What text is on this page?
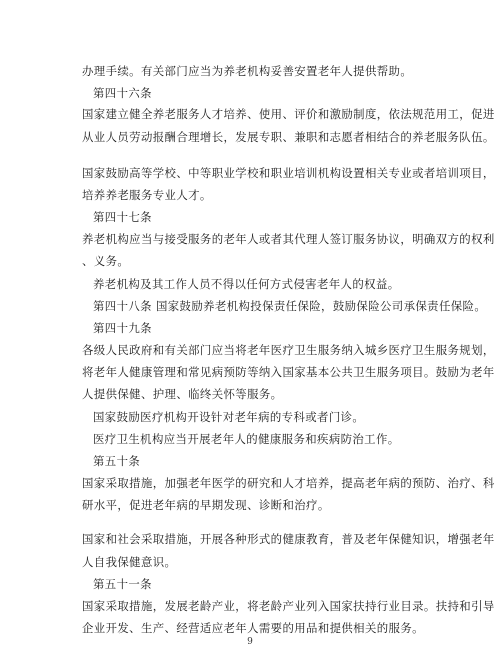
办理手续。有关部门应当为养老机构妥善安置老年人提供帮助。
第四十六条
国家建立健全养老服务人才培养、使用、评价和激励制度，依法规范用工，促进
从业人员劳动报酬合理增长，发展专职、兼职和志愿者相结合的养老服务队伍。
国家鼓励高等学校、中等职业学校和职业培训机构设置相关专业或者培训项目，
培养养老服务专业人才。
第四十七条
养老机构应当与接受服务的老年人或者其代理人签订服务协议，明确双方的权利
、义务。
养老机构及其工作人员不得以任何方式侵害老年人的权益。
第四十八条 国家鼓励养老机构投保责任保险，鼓励保险公司承保责任保险。
第四十九条
各级人民政府和有关部门应当将老年医疗卫生服务纳入城乡医疗卫生服务规划，
将老年人健康管理和常见病预防等纳入国家基本公共卫生服务项目。鼓励为老年
人提供保健、护理、临终关怀等服务。
国家鼓励医疗机构开设针对老年病的专科或者门诊。
医疗卫生机构应当开展老年人的健康服务和疾病防治工作。
第五十条
国家采取措施，加强老年医学的研究和人才培养，提高老年病的预防、治疗、科
研水平，促进老年病的早期发现、诊断和治疗。
国家和社会采取措施，开展各种形式的健康教育，普及老年保健知识，增强老年
人自我保健意识。
第五十一条
国家采取措施，发展老龄产业，将老龄产业列入国家扶持行业目录。扶持和引导
企业开发、生产、经营适应老年人需要的用品和提供相关的服务。
9
